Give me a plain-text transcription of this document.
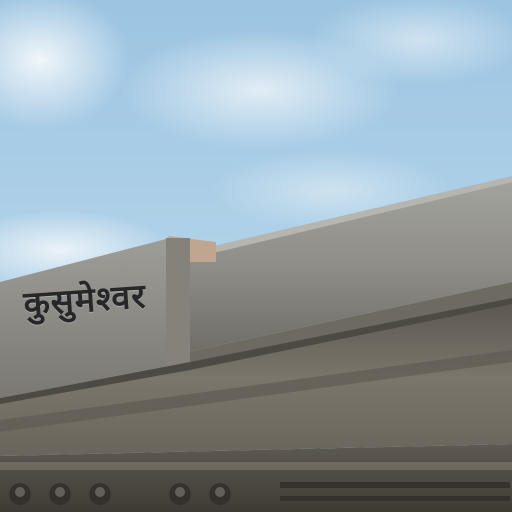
कुसुमेश्वर
